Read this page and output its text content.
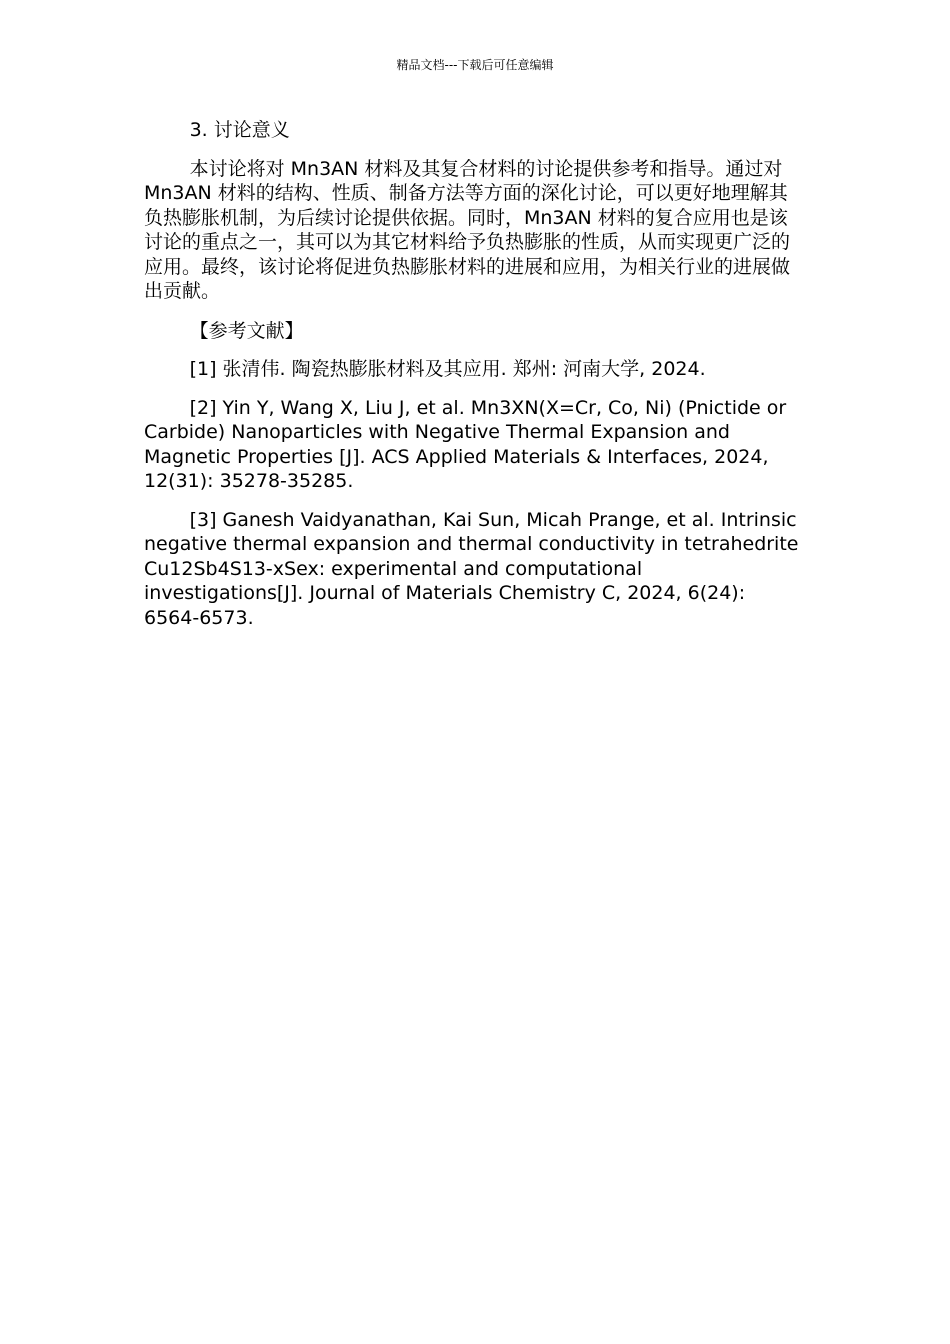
精品文档---下载后可任意编辑

3. 讨论意义

本讨论将对 Mn3AN 材料及其复合材料的讨论提供参考和指导。通过对 Mn3AN 材料的结构、性质、制备方法等方面的深化讨论，可以更好地理解其负热膨胀机制，为后续讨论提供依据。同时，Mn3AN 材料的复合应用也是该讨论的重点之一，其可以为其它材料给予负热膨胀的性质，从而实现更广泛的应用。最终，该讨论将促进负热膨胀材料的进展和应用，为相关行业的进展做出贡献。

【参考文献】

[1] 张清伟. 陶瓷热膨胀材料及其应用. 郑州: 河南大学, 2024.

[2] Yin Y, Wang X, Liu J, et al. Mn3XN(X=Cr, Co, Ni) (Pnictide or Carbide) Nanoparticles with Negative Thermal Expansion and Magnetic Properties [J]. ACS Applied Materials & Interfaces, 2024, 12(31): 35278-35285.

[3] Ganesh Vaidyanathan, Kai Sun, Micah Prange, et al. Intrinsic negative thermal expansion and thermal conductivity in tetrahedrite Cu12Sb4S13-xSex: experimental and computational investigations[J]. Journal of Materials Chemistry C, 2024, 6(24): 6564-6573.
